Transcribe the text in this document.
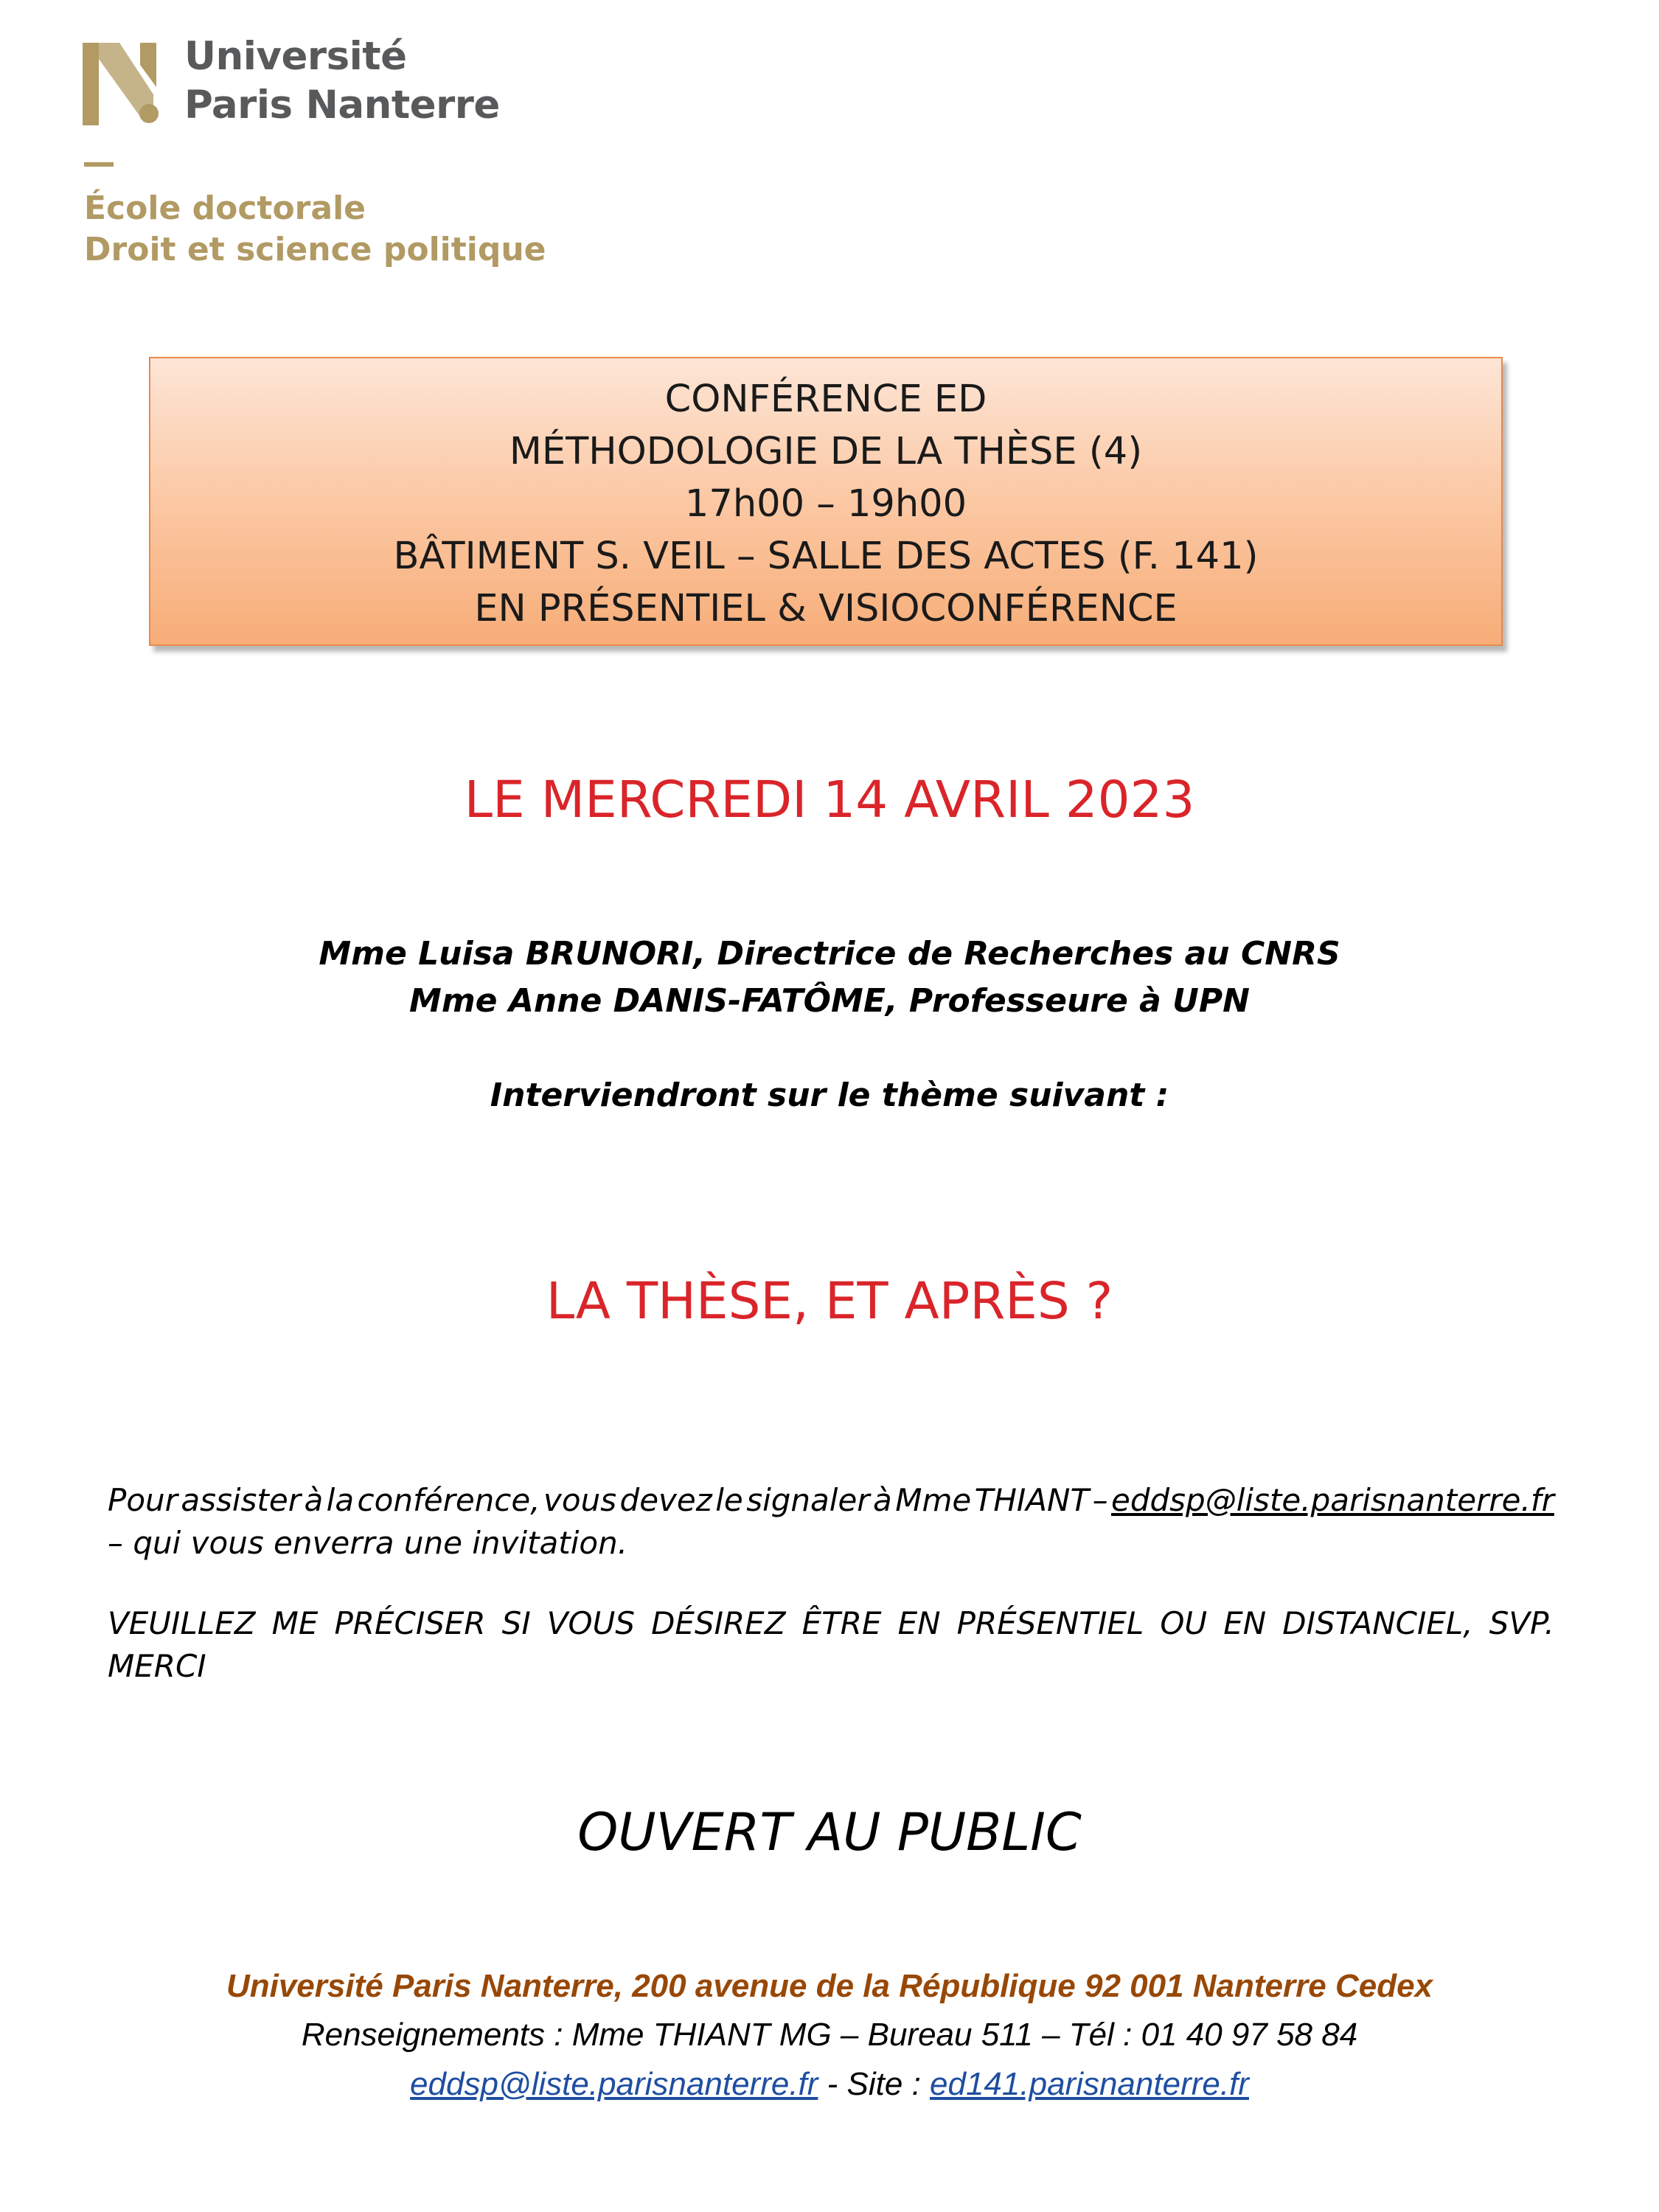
Université
Paris Nanterre
École doctorale
Droit et science politique
CONFÉRENCE ED
MÉTHODOLOGIE DE LA THÈSE (4)
17h00 – 19h00
BÂTIMENT S. VEIL – SALLE DES ACTES (F. 141)
EN PRÉSENTIEL & VISIOCONFÉRENCE
LE MERCREDI 14 AVRIL 2023
Mme Luisa BRUNORI, Directrice de Recherches au CNRS
Mme Anne DANIS-FATÔME, Professeure à UPN
Interviendront sur le thème suivant :
LA THÈSE, ET APRÈS ?
Pour assister à la conférence, vous devez le signaler à Mme THIANT – eddsp@liste.parisnanterre.fr
– qui vous enverra une invitation.
VEUILLEZ ME PRÉCISER SI VOUS DÉSIREZ ÊTRE EN PRÉSENTIEL OU EN DISTANCIEL, SVP.
MERCI
OUVERT AU PUBLIC
Université Paris Nanterre, 200 avenue de la République 92 001 Nanterre Cedex
Renseignements : Mme THIANT MG – Bureau 511 – Tél : 01 40 97 58 84
eddsp@liste.parisnanterre.fr - Site : ed141.parisnanterre.fr
